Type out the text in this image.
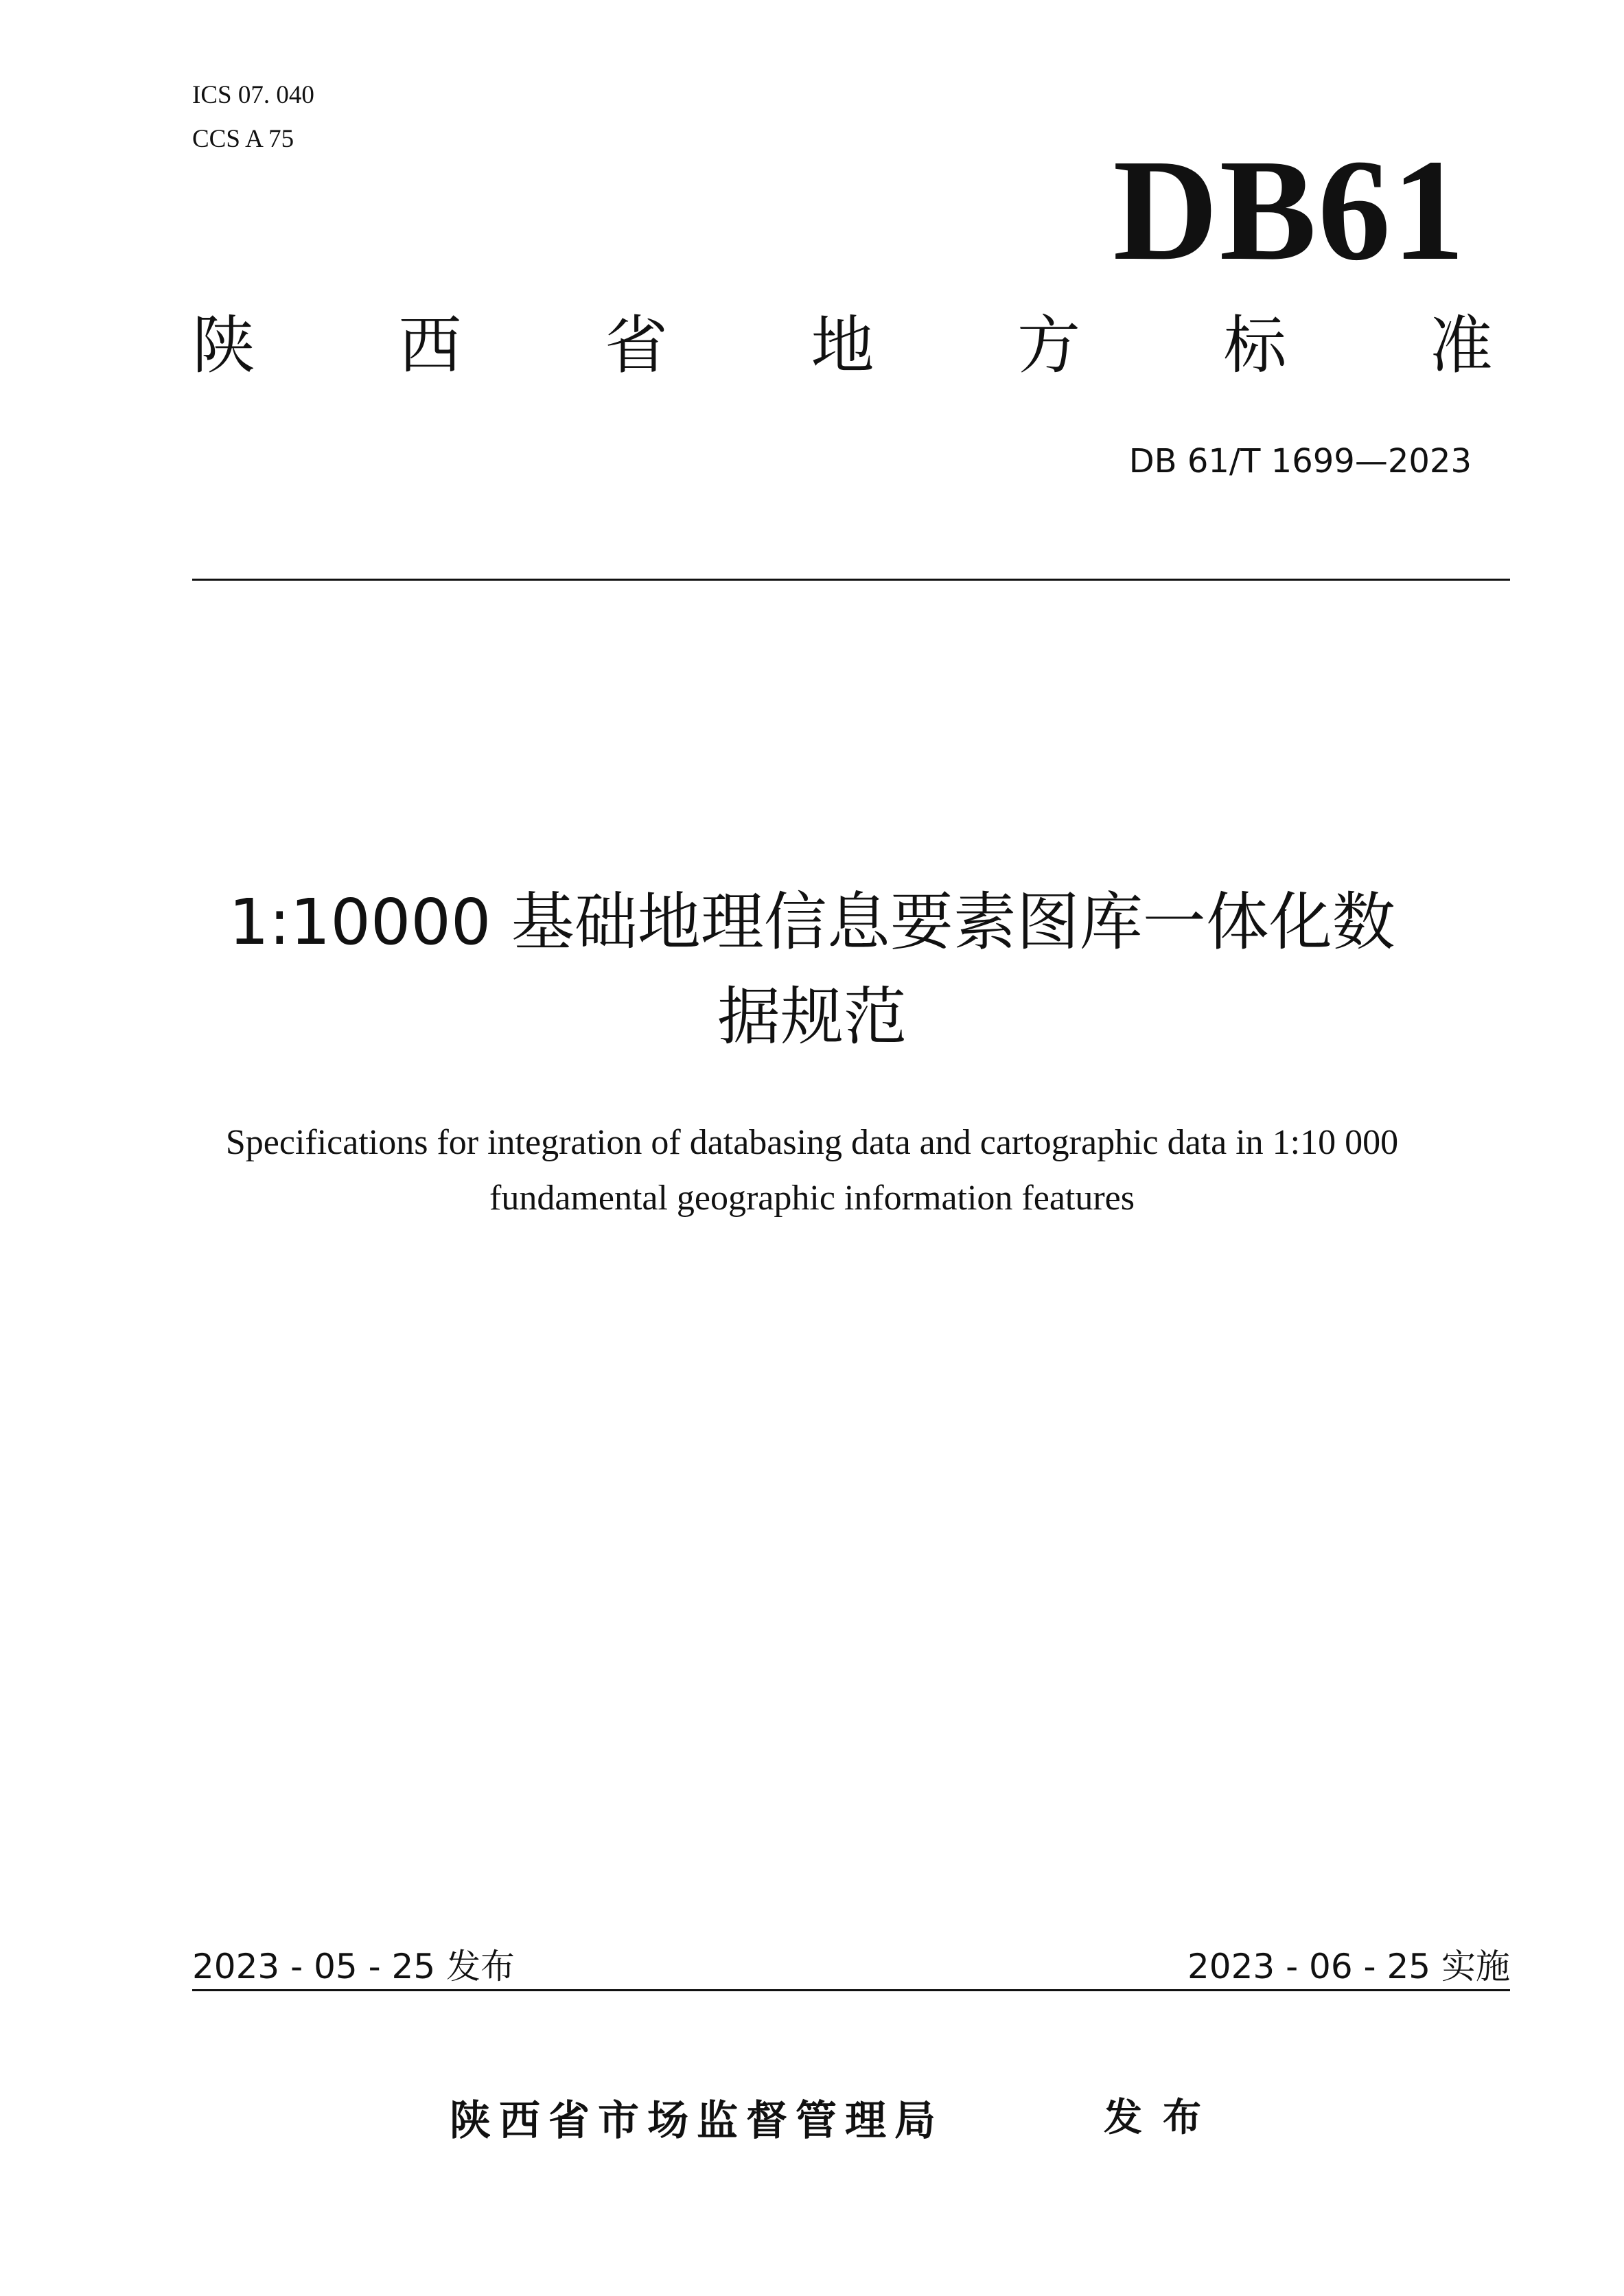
ICS 07. 040
CCS A 75	DB61
陕 西 省 地 方 标 准
DB 61/T 1699—2023
1:10000 基础地理信息要素图库一体化数
据规范
Specifications for integration of databasing data and cartographic data in 1:10 000
fundamental geographic information features
2023 - 05 - 25 发布	2023 - 06 - 25 实施
陕西省市场监督管理局	发布
